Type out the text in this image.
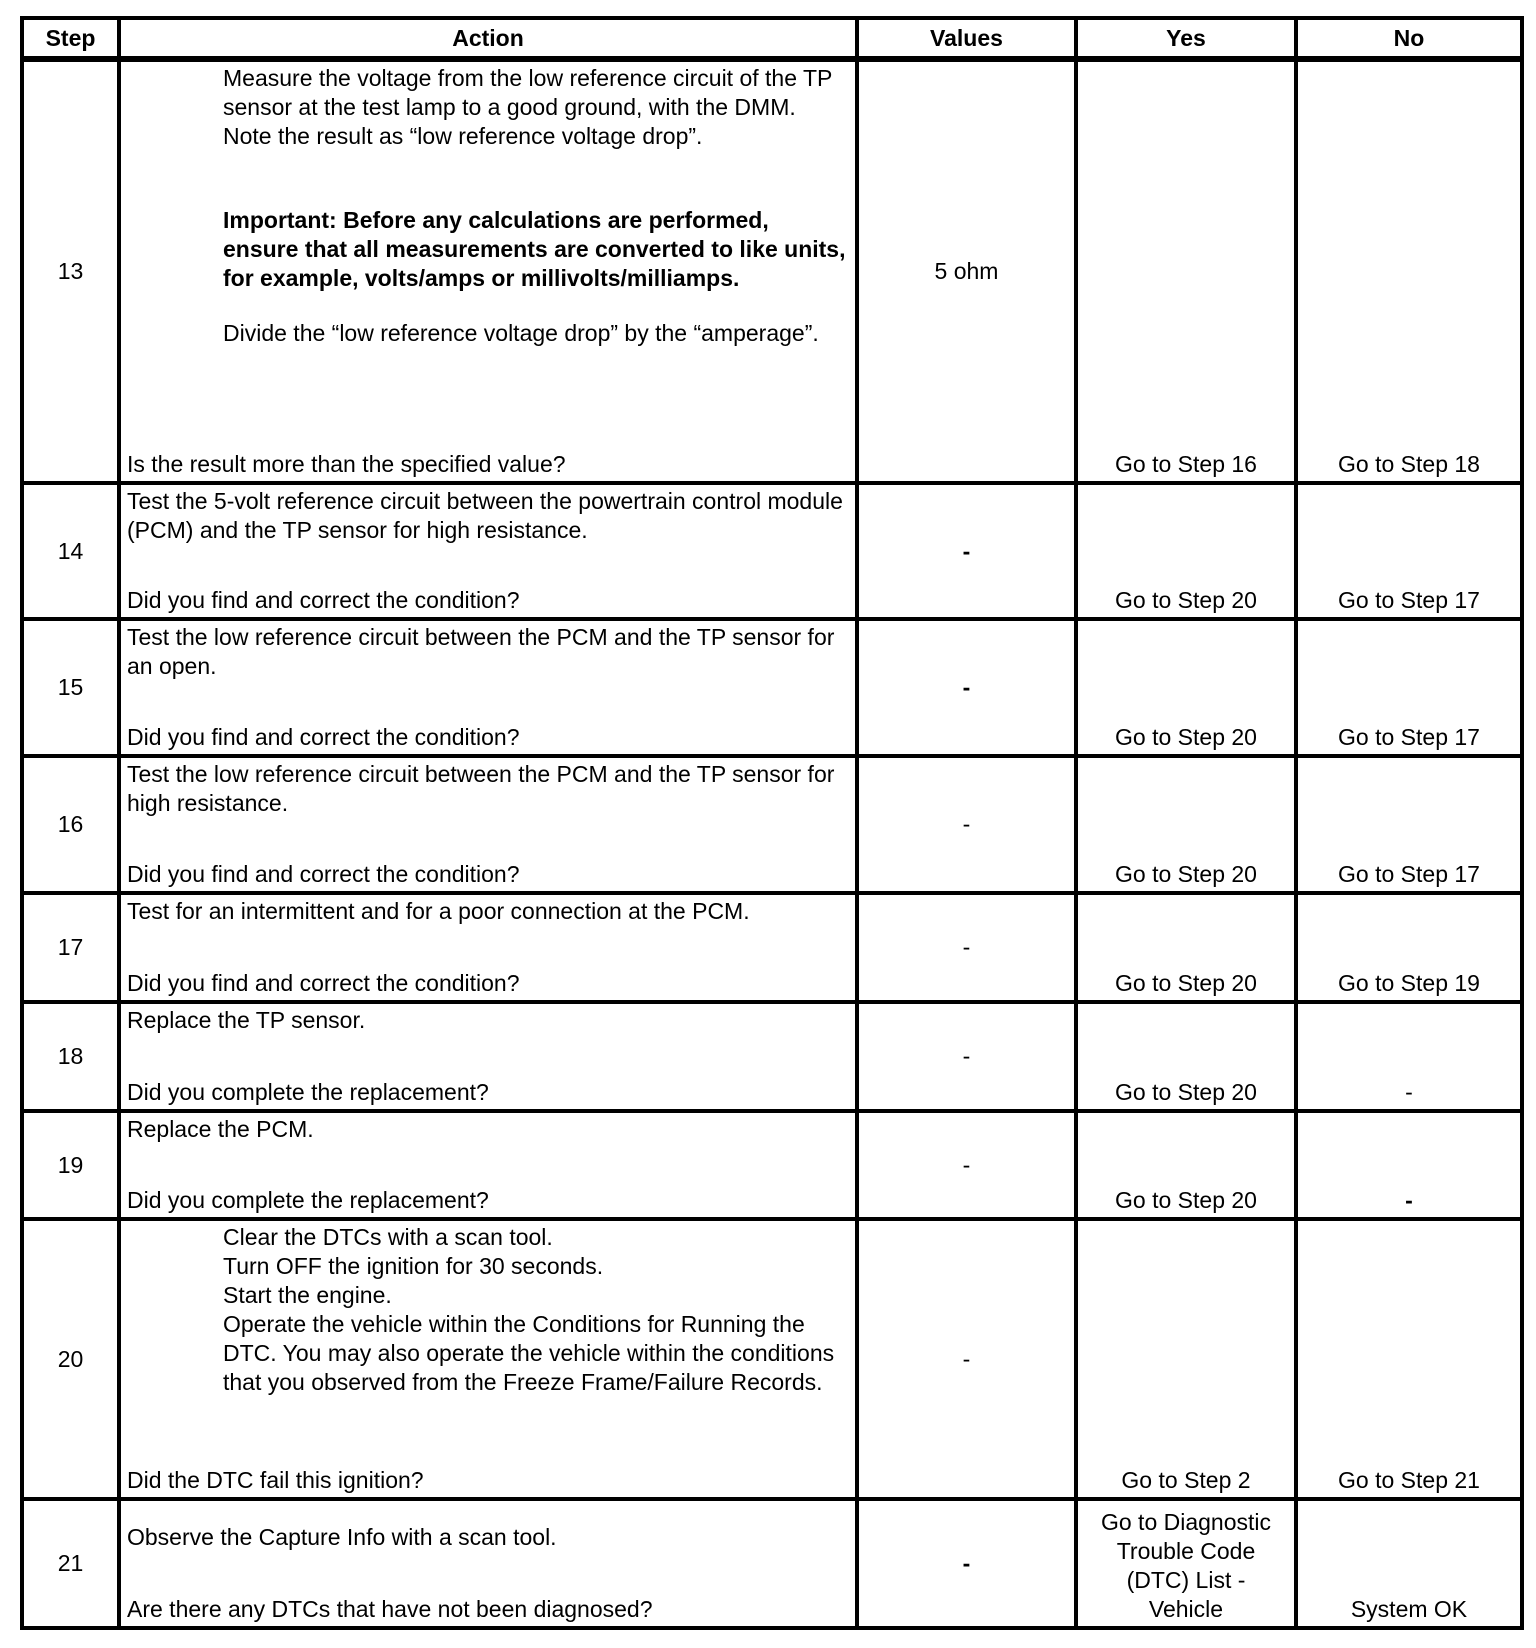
Step	Action	Values	Yes	No
13	Measure the voltage from the low reference circuit of the TP sensor at the test lamp to a good ground, with the DMM. Note the result as “low reference voltage drop”.

Important: Before any calculations are performed, ensure that all measurements are converted to like units, for example, volts/amps or millivolts/milliamps.

Divide the “low reference voltage drop” by the “amperage”.

Is the result more than the specified value?	5 ohm	Go to Step 16	Go to Step 18
14	Test the 5-volt reference circuit between the powertrain control module (PCM) and the TP sensor for high resistance.

Did you find and correct the condition?	-	Go to Step 20	Go to Step 17
15	Test the low reference circuit between the PCM and the TP sensor for an open.

Did you find and correct the condition?	-	Go to Step 20	Go to Step 17
16	Test the low reference circuit between the PCM and the TP sensor for high resistance.

Did you find and correct the condition?	-	Go to Step 20	Go to Step 17
17	Test for an intermittent and for a poor connection at the PCM.

Did you find and correct the condition?	-	Go to Step 20	Go to Step 19
18	Replace the TP sensor.

Did you complete the replacement?	-	Go to Step 20	-
19	Replace the PCM.

Did you complete the replacement?	-	Go to Step 20	-
20	Clear the DTCs with a scan tool.

Turn OFF the ignition for 30 seconds.

Start the engine.

Operate the vehicle within the Conditions for Running the DTC. You may also operate the vehicle within the conditions that you observed from the Freeze Frame/Failure Records.

Did the DTC fail this ignition?	-	Go to Step 2	Go to Step 21
21	Observe the Capture Info with a scan tool.

Are there any DTCs that have not been diagnosed?	-	Go to Diagnostic Trouble Code (DTC) List - Vehicle	System OK
